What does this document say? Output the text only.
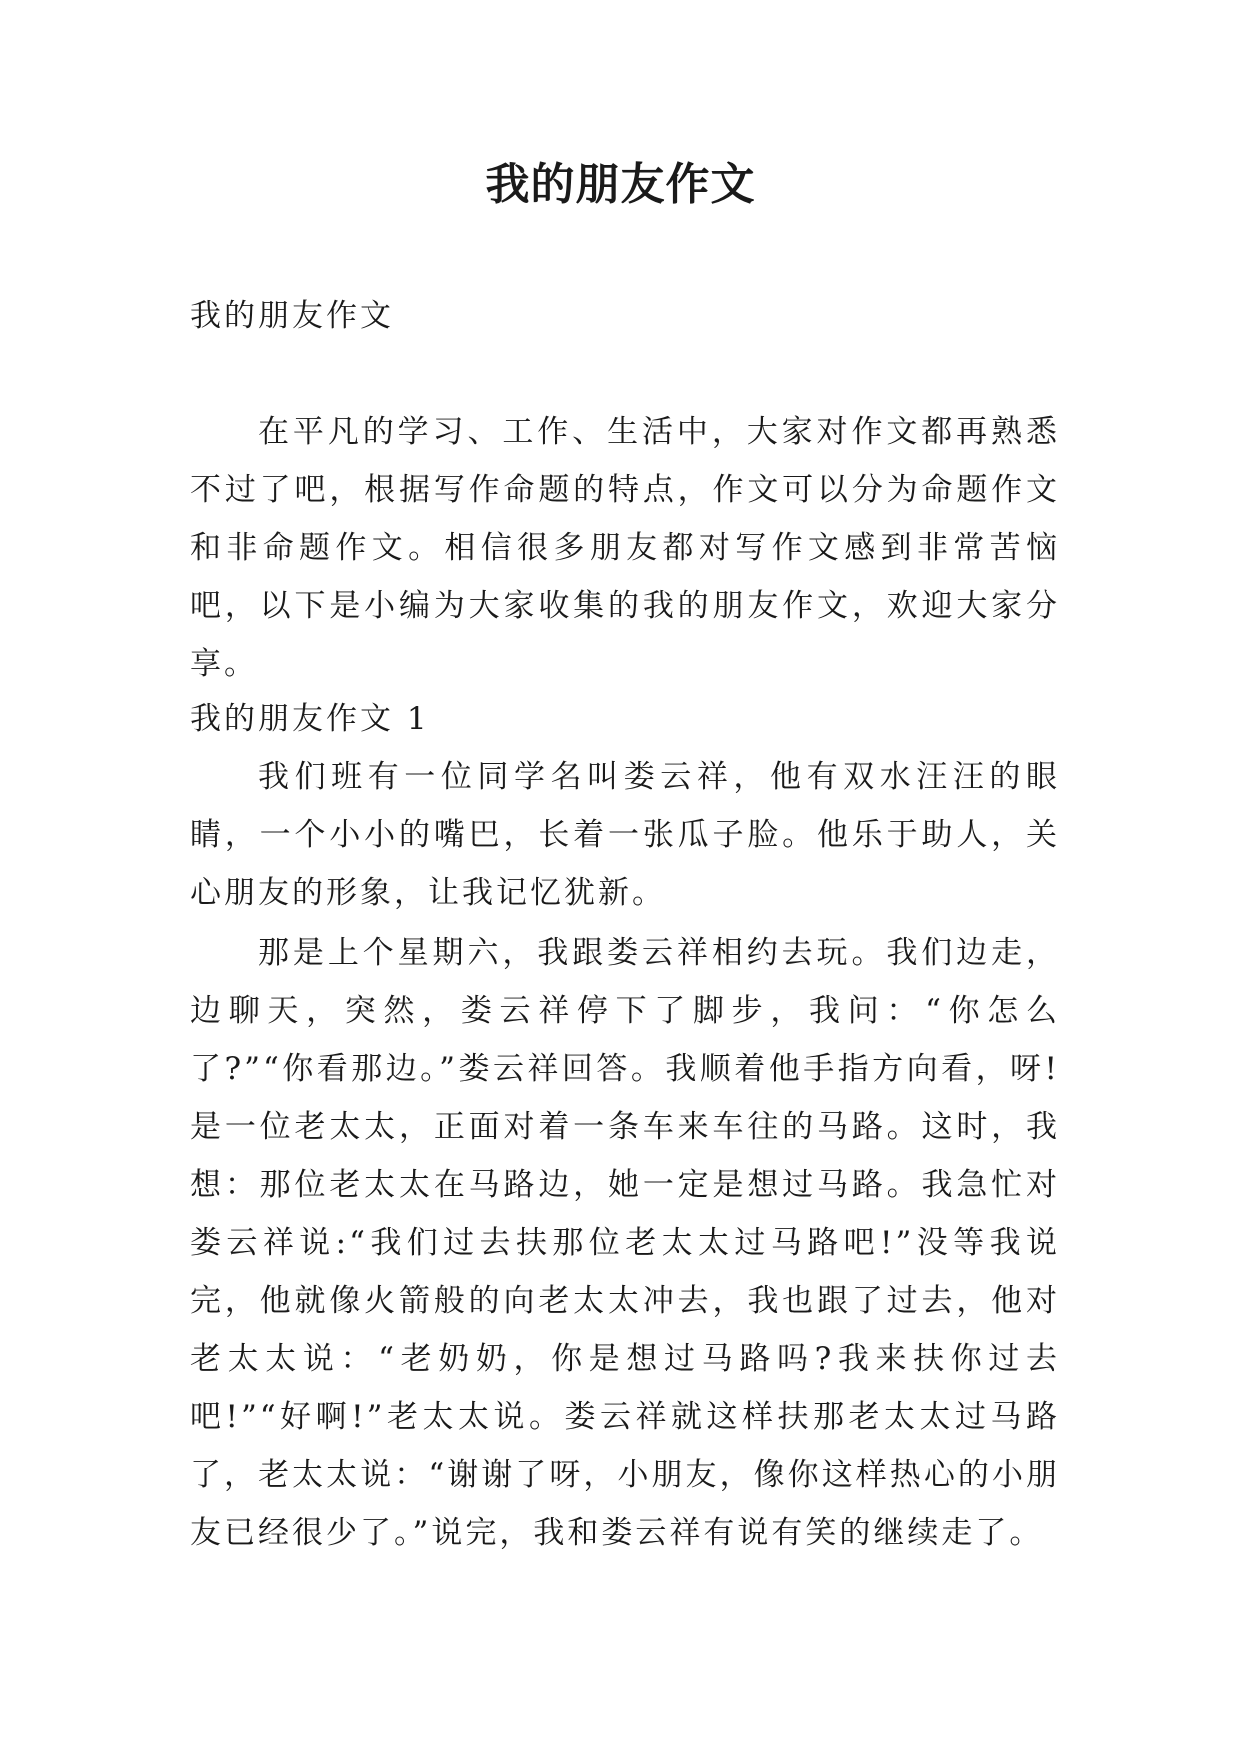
我的朋友作文

我的朋友作文

在平凡的学习、工作、生活中，大家对作文都再熟悉不过了吧，根据写作命题的特点，作文可以分为命题作文和非命题作文。相信很多朋友都对写作文感到非常苦恼吧，以下是小编为大家收集的我的朋友作文，欢迎大家分享。

我的朋友作文 1

我们班有一位同学名叫娄云祥，他有双水汪汪的眼睛，一个小小的嘴巴，长着一张瓜子脸。他乐于助人，关心朋友的形象，让我记忆犹新。

那是上个星期六，我跟娄云祥相约去玩。我们边走，边聊天，突然，娄云祥停下了脚步，我问：“你怎么了?”“你看那边。”娄云祥回答。我顺着他手指方向看，呀!是一位老太太，正面对着一条车来车往的马路。这时，我想：那位老太太在马路边，她一定是想过马路。我急忙对娄云祥说:“我们过去扶那位老太太过马路吧!”没等我说完，他就像火箭般的向老太太冲去，我也跟了过去，他对老太太说：“老奶奶，你是想过马路吗?我来扶你过去吧!”“好啊!”老太太说。娄云祥就这样扶那老太太过马路了，老太太说：“谢谢了呀，小朋友，像你这样热心的小朋友已经很少了。”说完，我和娄云祥有说有笑的继续走了。
